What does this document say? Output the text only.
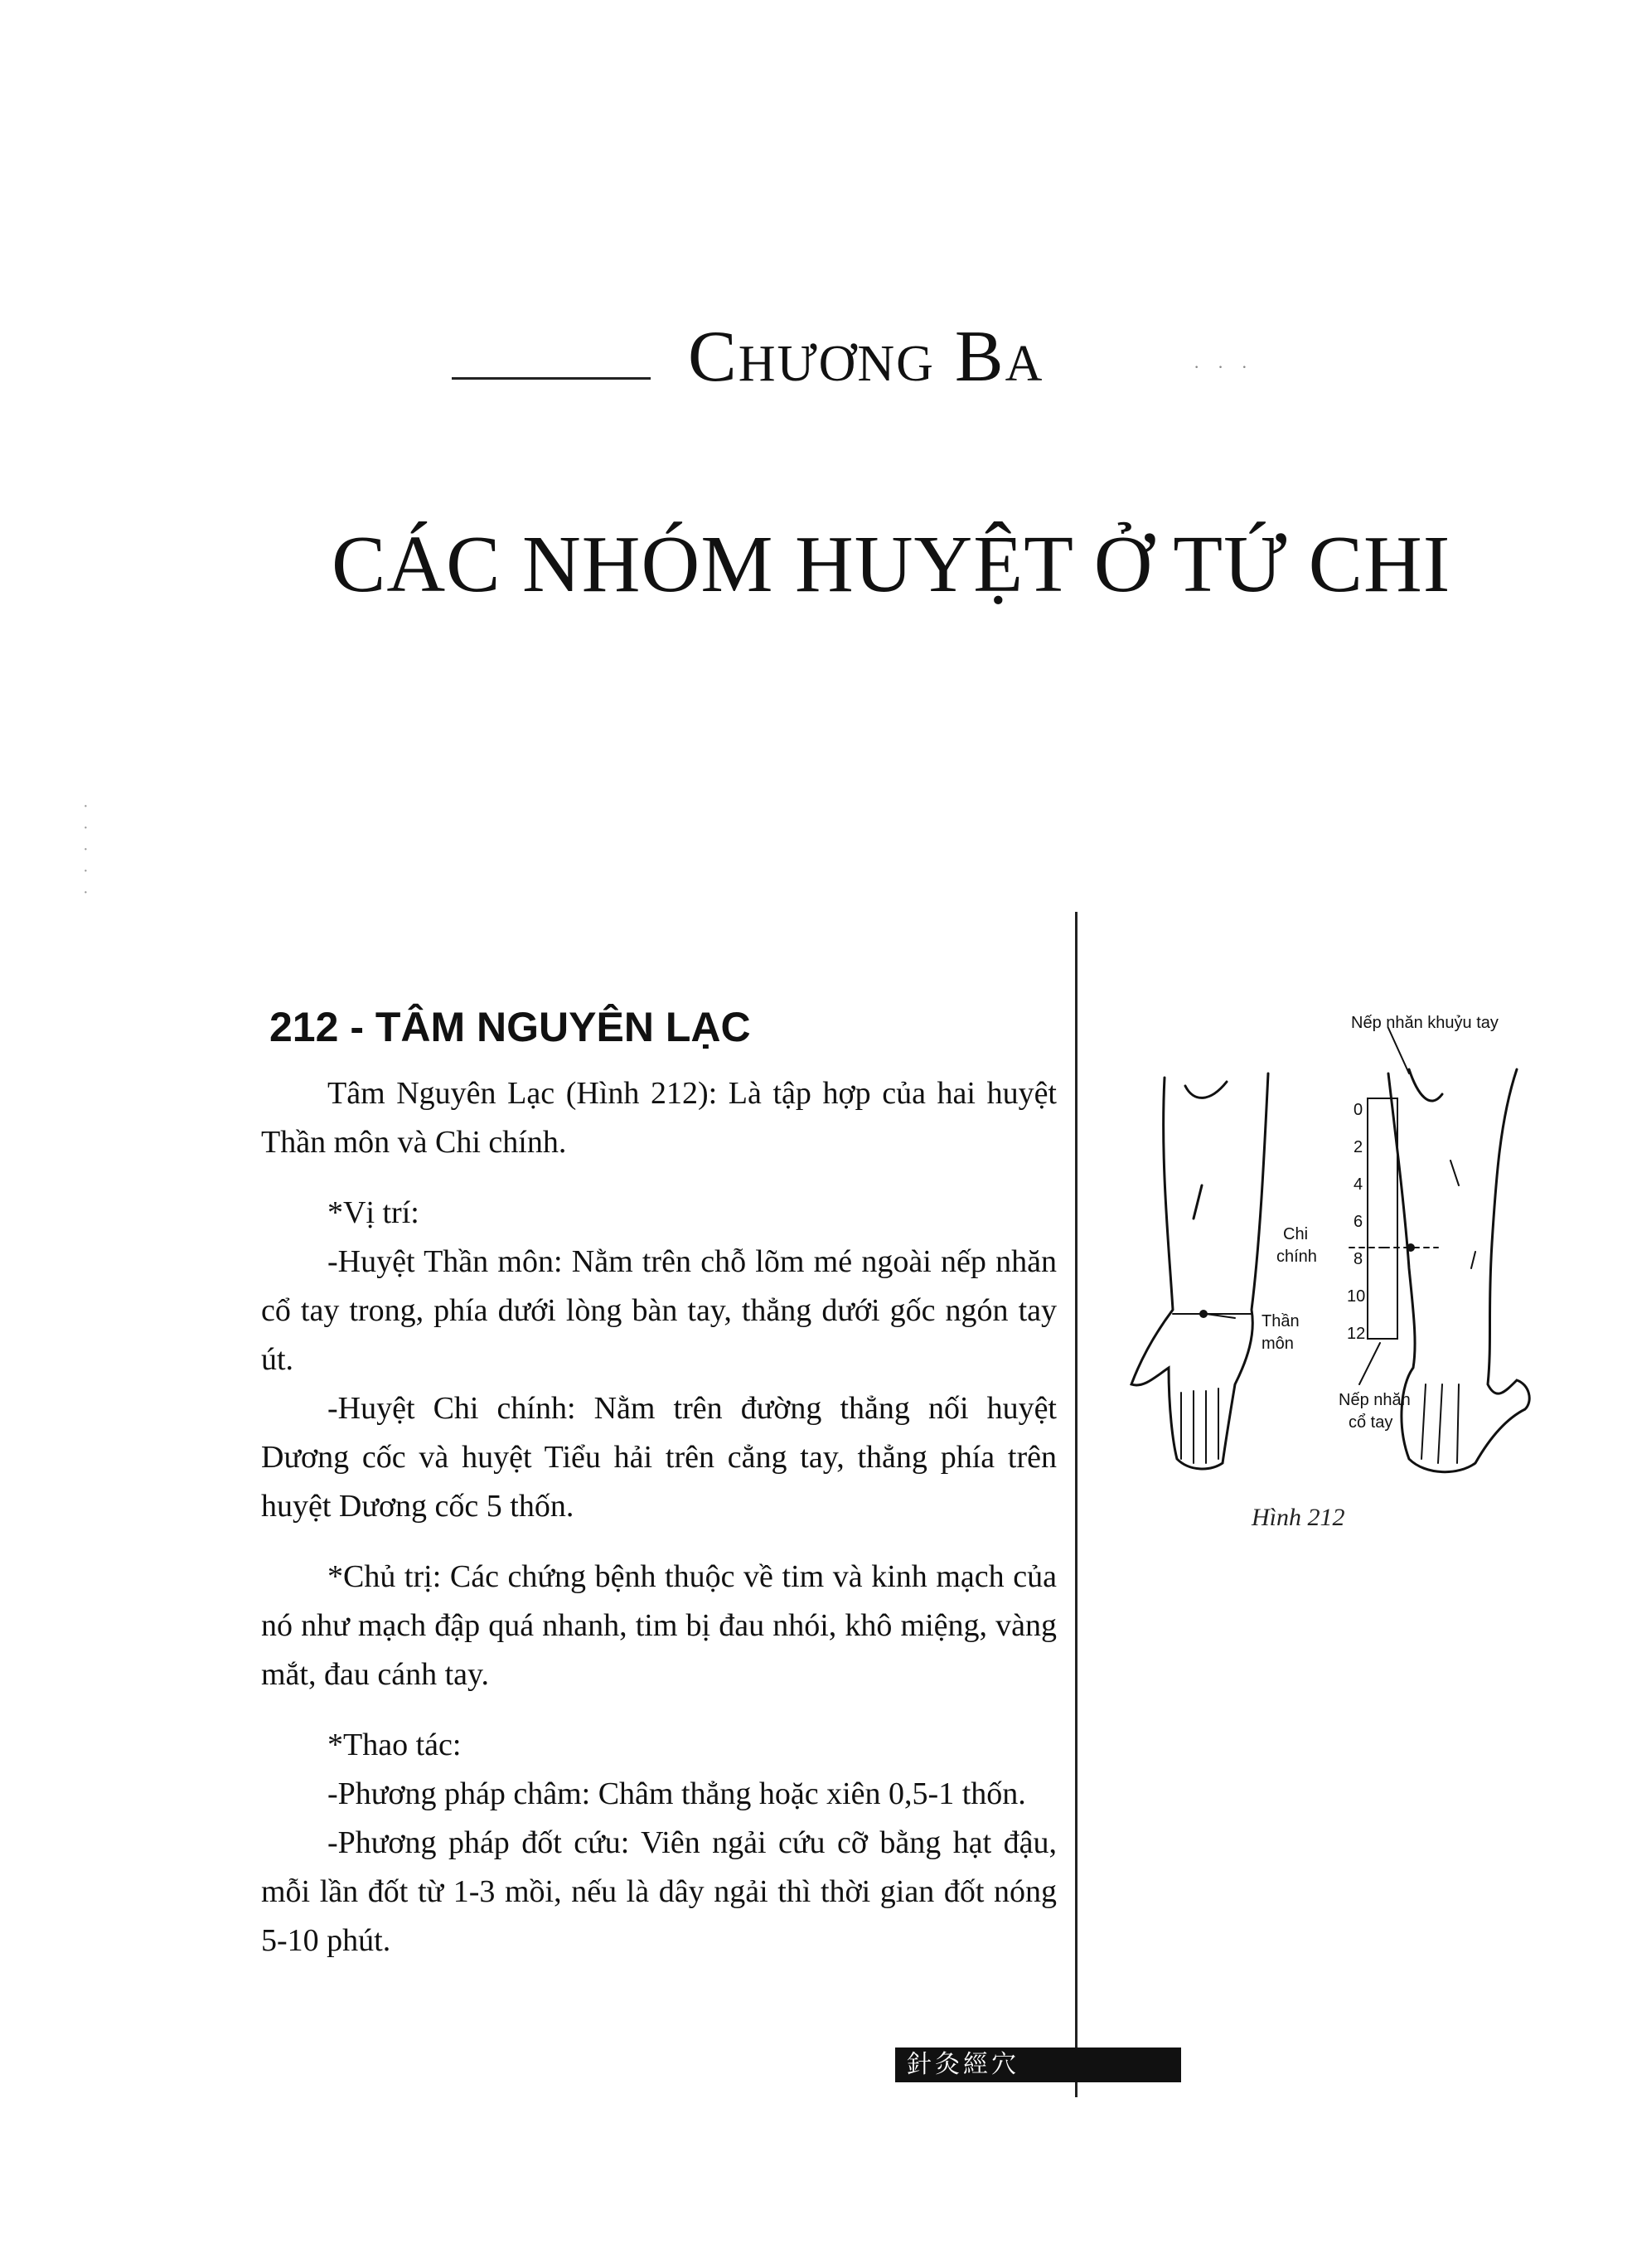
Chương Ba	· · ·
CÁC NHÓM HUYỆT Ở TỨ CHI
·
·
·
·
·
212 - TÂM NGUYÊN LẠC

Tâm Nguyên Lạc (Hình 212): Là tập hợp của hai huyệt Thần môn và Chi chính.

*Vị trí:

-Huyệt Thần môn: Nằm trên chỗ lõm mé ngoài nếp nhăn cổ tay trong, phía dưới lòng bàn tay, thẳng dưới gốc ngón tay út.

-Huyệt Chi chính: Nằm trên đường thẳng nối huyệt Dương cốc và huyệt Tiểu hải trên cẳng tay, thẳng phía trên huyệt Dương cốc 5 thốn.

*Chủ trị: Các chứng bệnh thuộc về tim và kinh mạch của nó như mạch đập quá nhanh, tim bị đau nhói, khô miệng, vàng mắt, đau cánh tay.

*Thao tác:

-Phương pháp châm: Châm thẳng hoặc xiên 0,5-1 thốn.

-Phương pháp đốt cứu: Viên ngải cứu cỡ bằng hạt đậu, mỗi lần đốt từ 1-3 mồi, nếu là dây ngải thì thời gian đốt nóng 5-10 phút.

0
2
4
6
8
10
12
Nếp nhăn khuỷu tay
Chi
chính
Thần
môn
Nếp nhăn
cổ tay
Hình 212
針灸經穴
